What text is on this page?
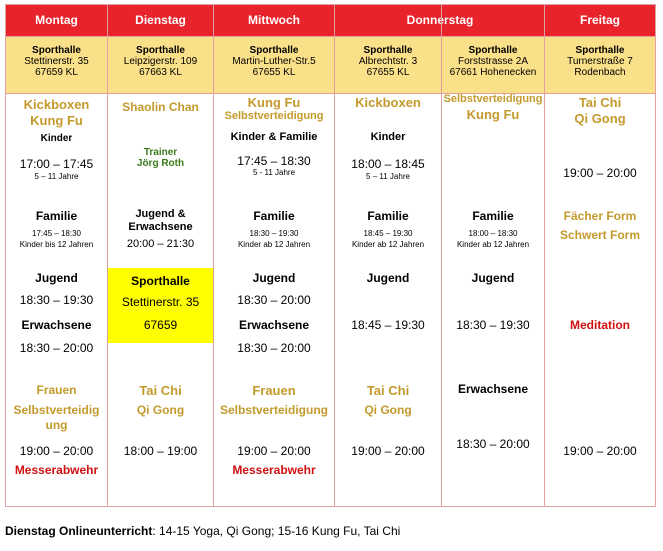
Montag
Sporthalle
Stettinerstr. 35
67659 KL
Kickboxen
Kung Fu
Kinder
17:00 – 17:45
5 – 11 Jahre
Familie
17:45 – 18:30
Kinder bis 12 Jahren
Jugend
18:30 – 19:30
Erwachsene
18:30 – 20:00
Frauen
Selbstverteidig
ung
19:00 – 20:00
Messerabwehr
Dienstag
Sporthalle
Leipzigerstr. 109
67663 KL
Shaolin Chan
Trainer
Jörg Roth
Jugend &
Erwachsene
20:00 – 21:30
Sporthalle
Stettinerstr. 35
67659
Tai Chi
Qi Gong
18:00 – 19:00
Mittwoch
Sporthalle
Martin-Luther-Str.5
67655 KL
Kung Fu
Selbstverteidigung
Kinder & Familie
17:45 – 18:30
5 - 11 Jahre
Familie
18:30 – 19:30
Kinder ab 12 Jahren
Jugend
18:30 – 20:00
Erwachsene
18:30 – 20:00
Frauen
Selbstverteidigung
19:00 – 20:00
Messerabwehr
Donnerstag
Sporthalle
Albrechtstr. 3
67655 KL
Kickboxen
Kinder
18:00 – 18:45
5 – 11 Jahre
Familie
18:45 – 19:30
Kinder ab 12 Jahren
Jugend
18:45 – 19:30
Tai Chi
Qi Gong
19:00 – 20:00
Sporthalle
Forststrasse 2A
67661 Hohenecken
Selbstverteidigung
Kung Fu
Familie
18:00 – 18:30
Kinder ab 12 Jahren
Jugend
18:30 – 19:30
Erwachsene
18:30 – 20:00
Freitag
Sporthalle
Turnerstraße 7
Rodenbach
Tai Chi
Qi Gong
19:00 – 20:00
Fächer Form
Schwert Form
Meditation
19:00 – 20:00
Dienstag Onlineunterricht: 14-15 Yoga, Qi Gong; 15-16 Kung Fu, Tai Chi
